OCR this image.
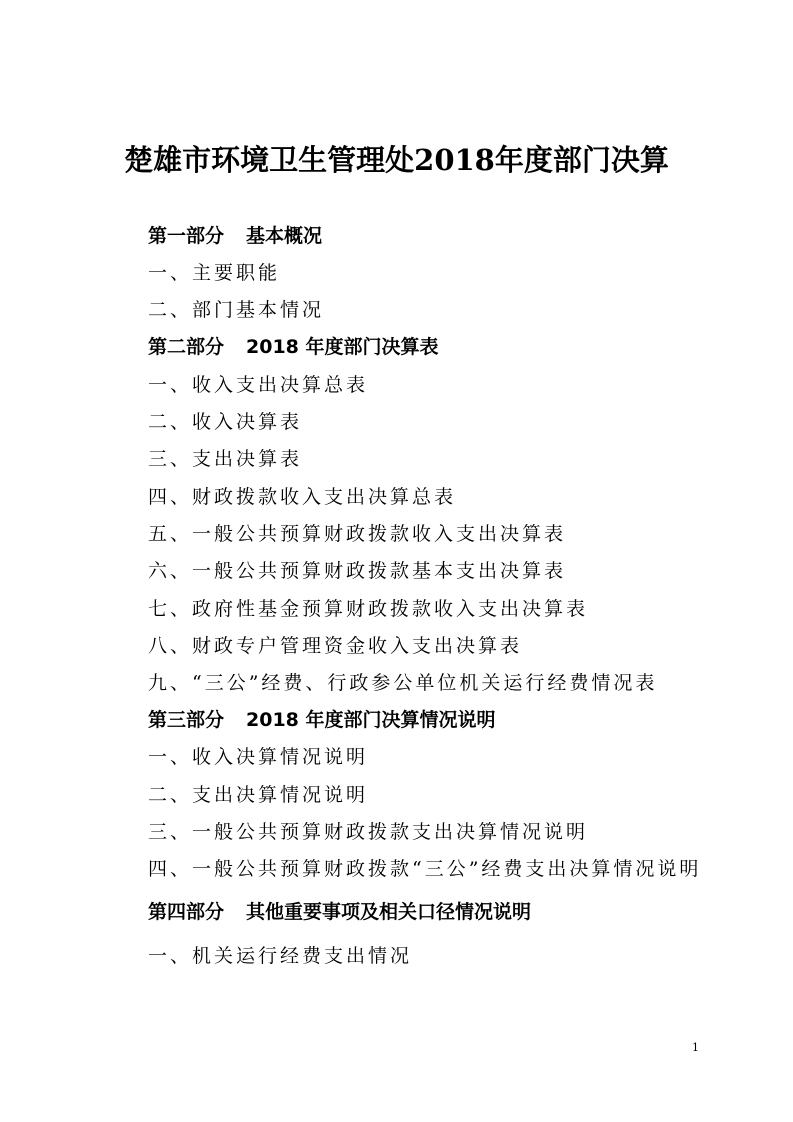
楚雄市环境卫生管理处2018年度部门决算
第一部分 基本概况
一、主要职能
二、部门基本情况
第二部分 2018 年度部门决算表
一、收入支出决算总表
二、收入决算表
三、支出决算表
四、财政拨款收入支出决算总表
五、一般公共预算财政拨款收入支出决算表
六、一般公共预算财政拨款基本支出决算表
七、政府性基金预算财政拨款收入支出决算表
八、财政专户管理资金收入支出决算表
九、“三公”经费、行政参公单位机关运行经费情况表
第三部分 2018 年度部门决算情况说明
一、收入决算情况说明
二、支出决算情况说明
三、一般公共预算财政拨款支出决算情况说明
四、一般公共预算财政拨款“三公”经费支出决算情况说明
第四部分 其他重要事项及相关口径情况说明
一、机关运行经费支出情况
1
